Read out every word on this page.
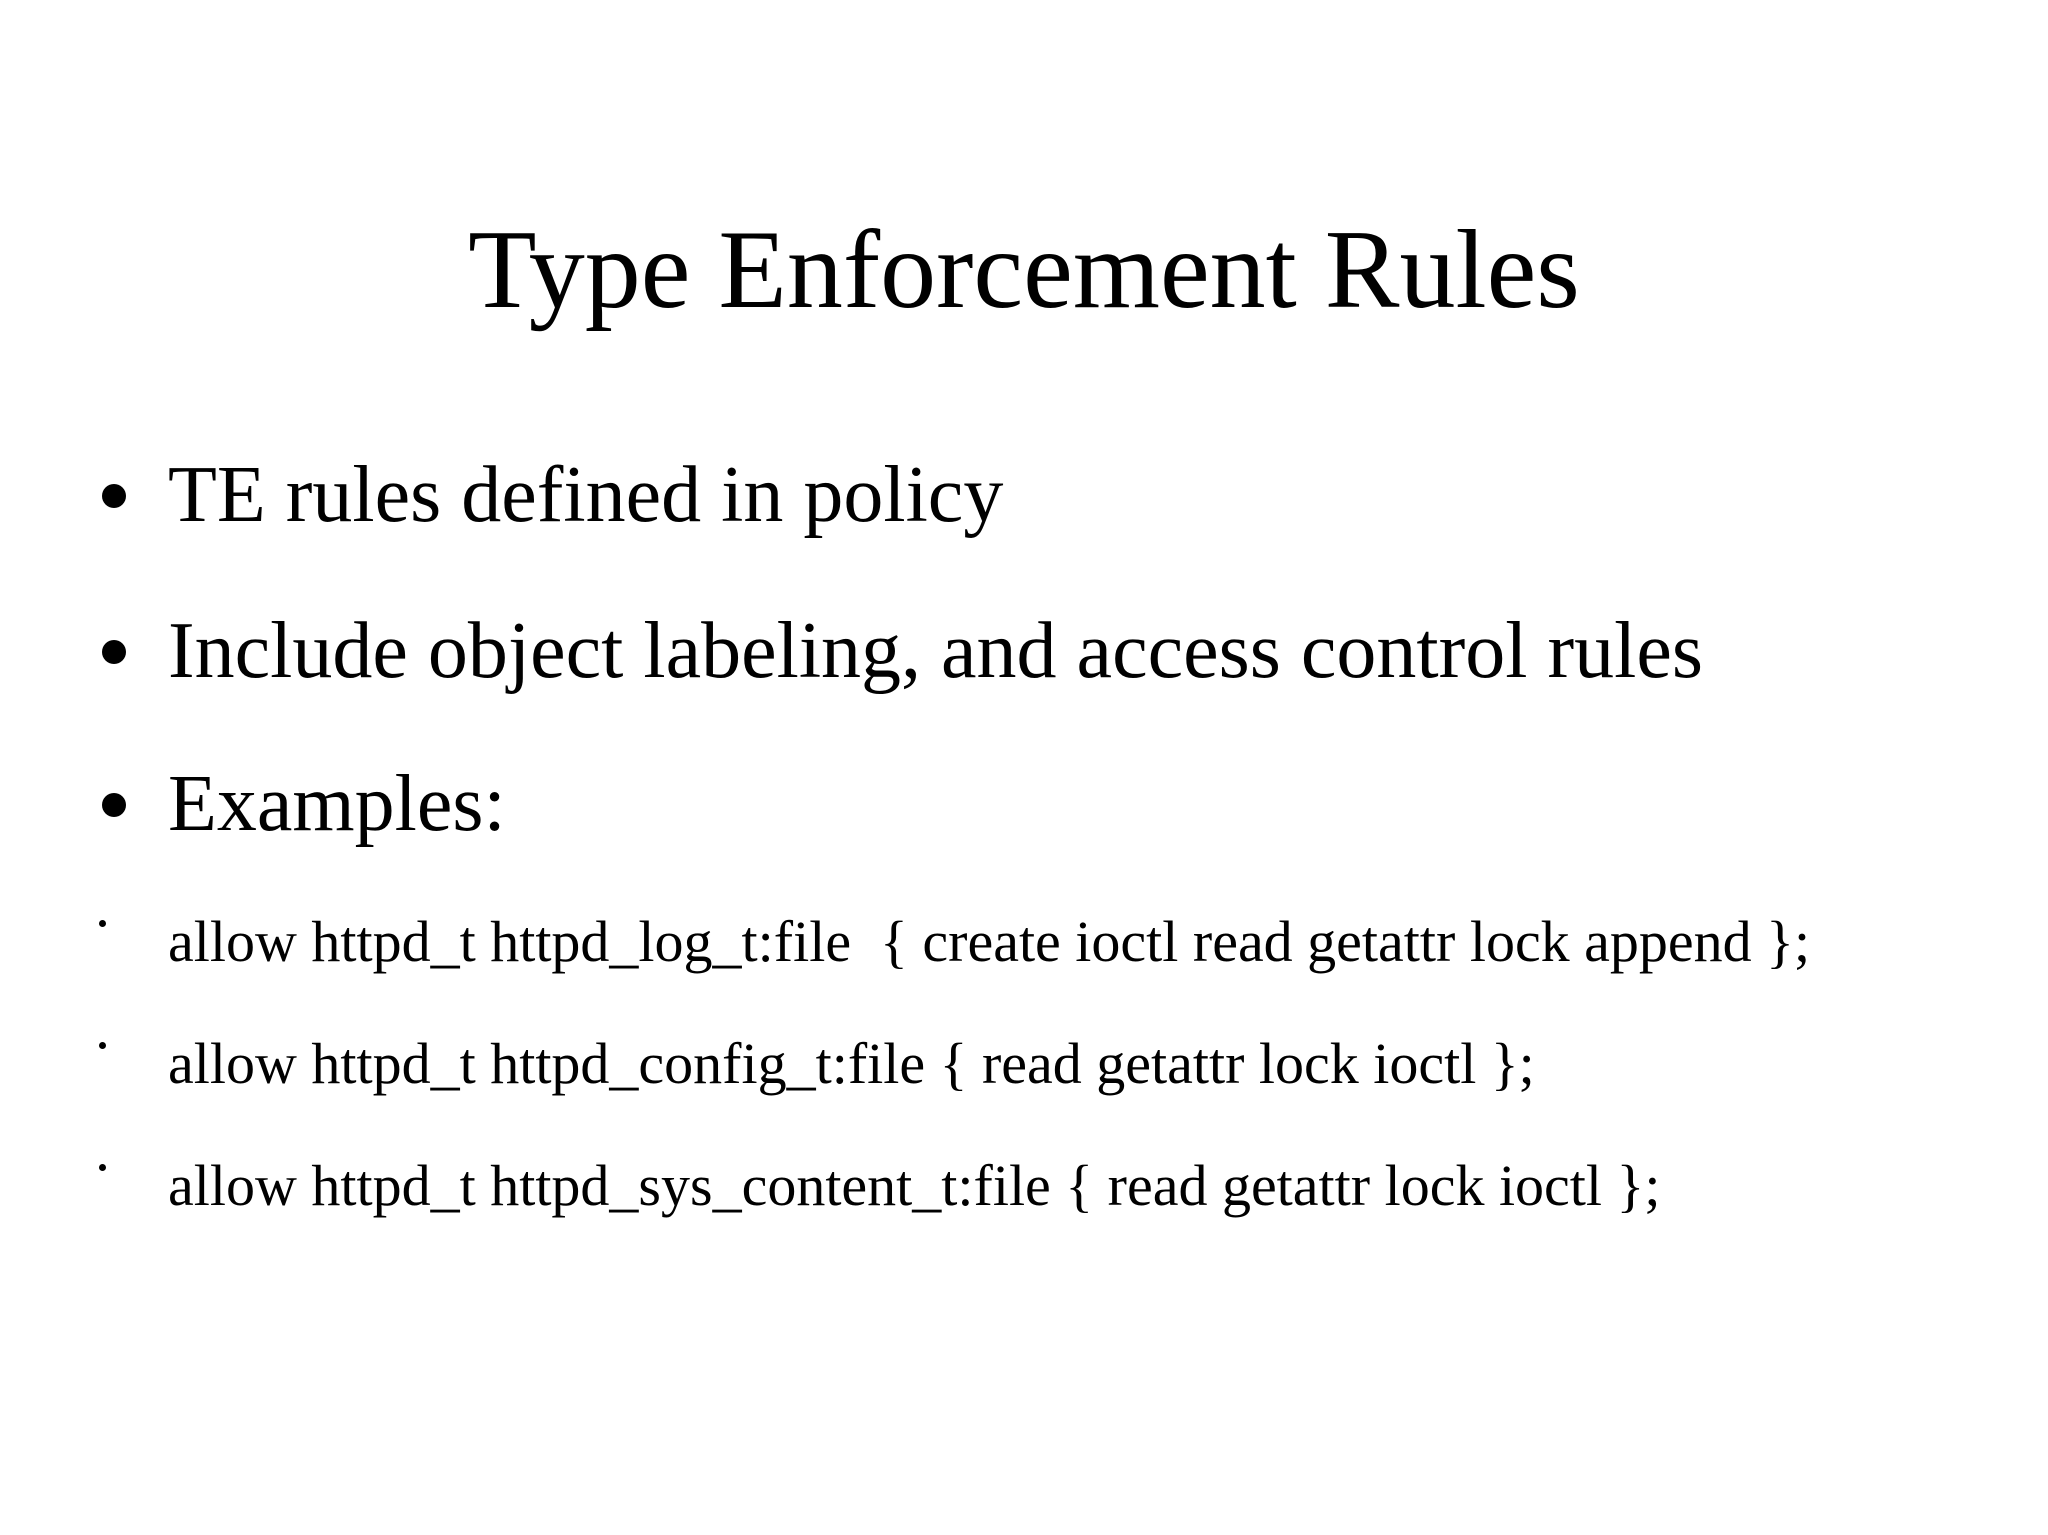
Type Enforcement Rules
TE rules defined in policy
Include object labeling, and access control rules
Examples:
allow httpd_t httpd_log_t:file  { create ioctl read getattr lock append };
allow httpd_t httpd_config_t:file { read getattr lock ioctl };
allow httpd_t httpd_sys_content_t:file { read getattr lock ioctl };
